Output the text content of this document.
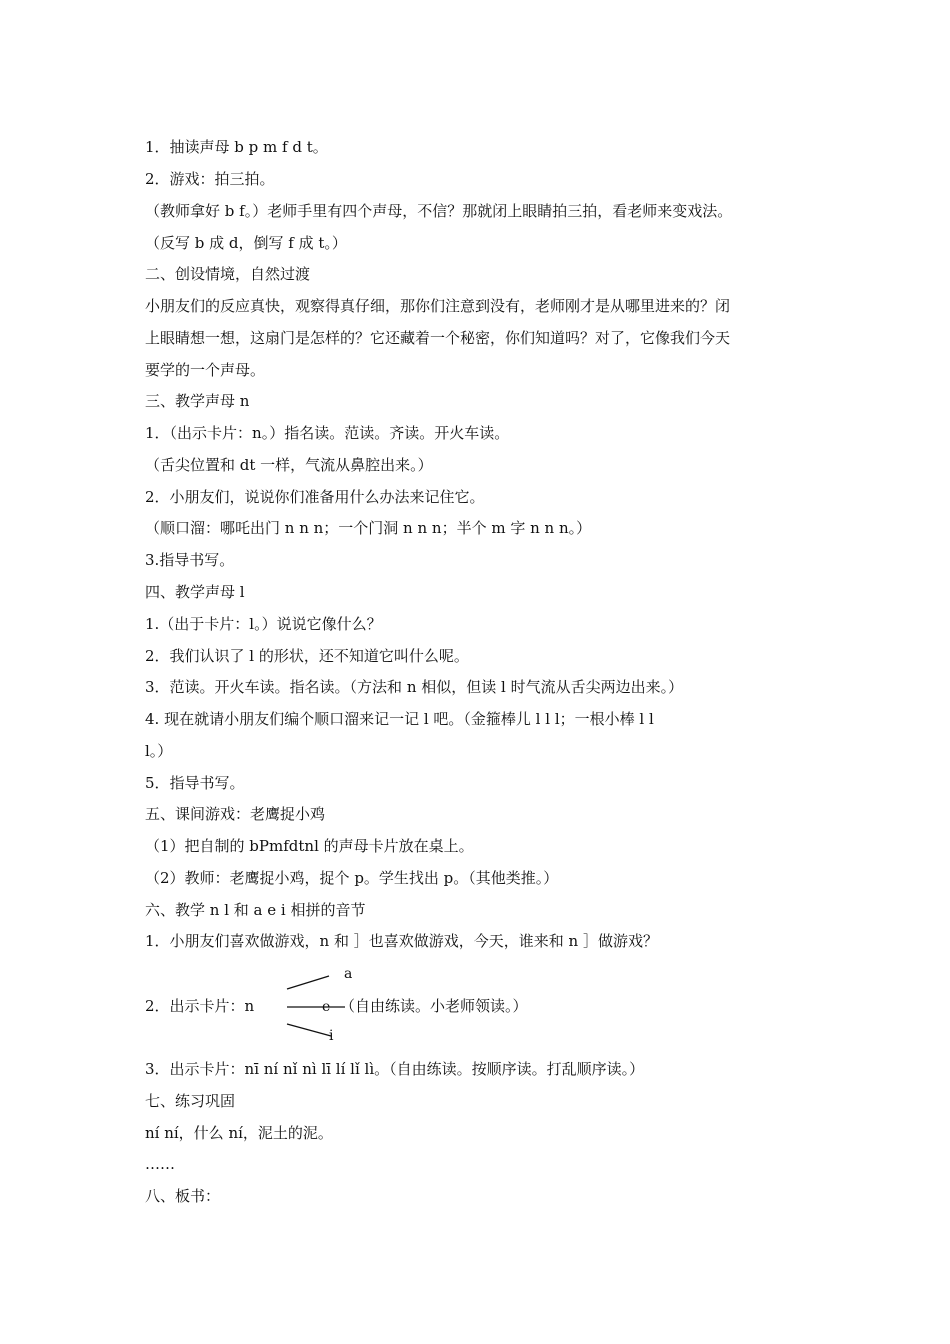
1．抽读声母 b p m f d t。
2．游戏：拍三拍。
（教师拿好 b f。）老师手里有四个声母，不信？那就闭上眼睛拍三拍，看老师来变戏法。
（反写 b 成 d，倒写 f 成 t。）
二、创设情境，自然过渡
小朋友们的反应真快，观察得真仔细，那你们注意到没有，老师刚才是从哪里进来的？闭
上眼睛想一想，这扇门是怎样的？它还藏着一个秘密，你们知道吗？对了，它像我们今天
要学的一个声母。
三、教学声母 n
1．（出示卡片：n。）指名读。范读。齐读。开火车读。
（舌尖位置和 dt 一样，气流从鼻腔出来。）
2．小朋友们，说说你们准备用什么办法来记住它。
（顺口溜：哪吒出门 n n n；一个门洞 n n n；半个 m 字 n n n。）
3.指导书写。
四、教学声母 l
1.（出于卡片：l。）说说它像什么？
2．我们认识了 l 的形状，还不知道它叫什么呢。
3．范读。开火车读。指名读。（方法和 n 相似，但读 l 时气流从舌尖两边出来。）
4. 现在就请小朋友们编个顺口溜来记一记 l 吧。（金箍棒儿 l l l；一根小棒 l l
l。）
5．指导书写。
五、课间游戏：老鹰捉小鸡
（1）把自制的 bPmfdtnl 的声母卡片放在桌上。
（2）教师：老鹰捉小鸡，捉个 p。学生找出 p。（其他类推。）
六、教学 n l 和 a e i 相拼的音节
1．小朋友们喜欢做游戏，n 和 ］也喜欢做游戏，今天，谁来和 n ］做游戏？
2．出示卡片：n
a
e
i
（自由练读。小老师领读。）
3．出示卡片：nī ní nǐ nì lī lí lǐ lì。（自由练读。按顺序读。打乱顺序读。）
七、练习巩固
ní ní，什么 ní，泥土的泥。
……
八、板书：
